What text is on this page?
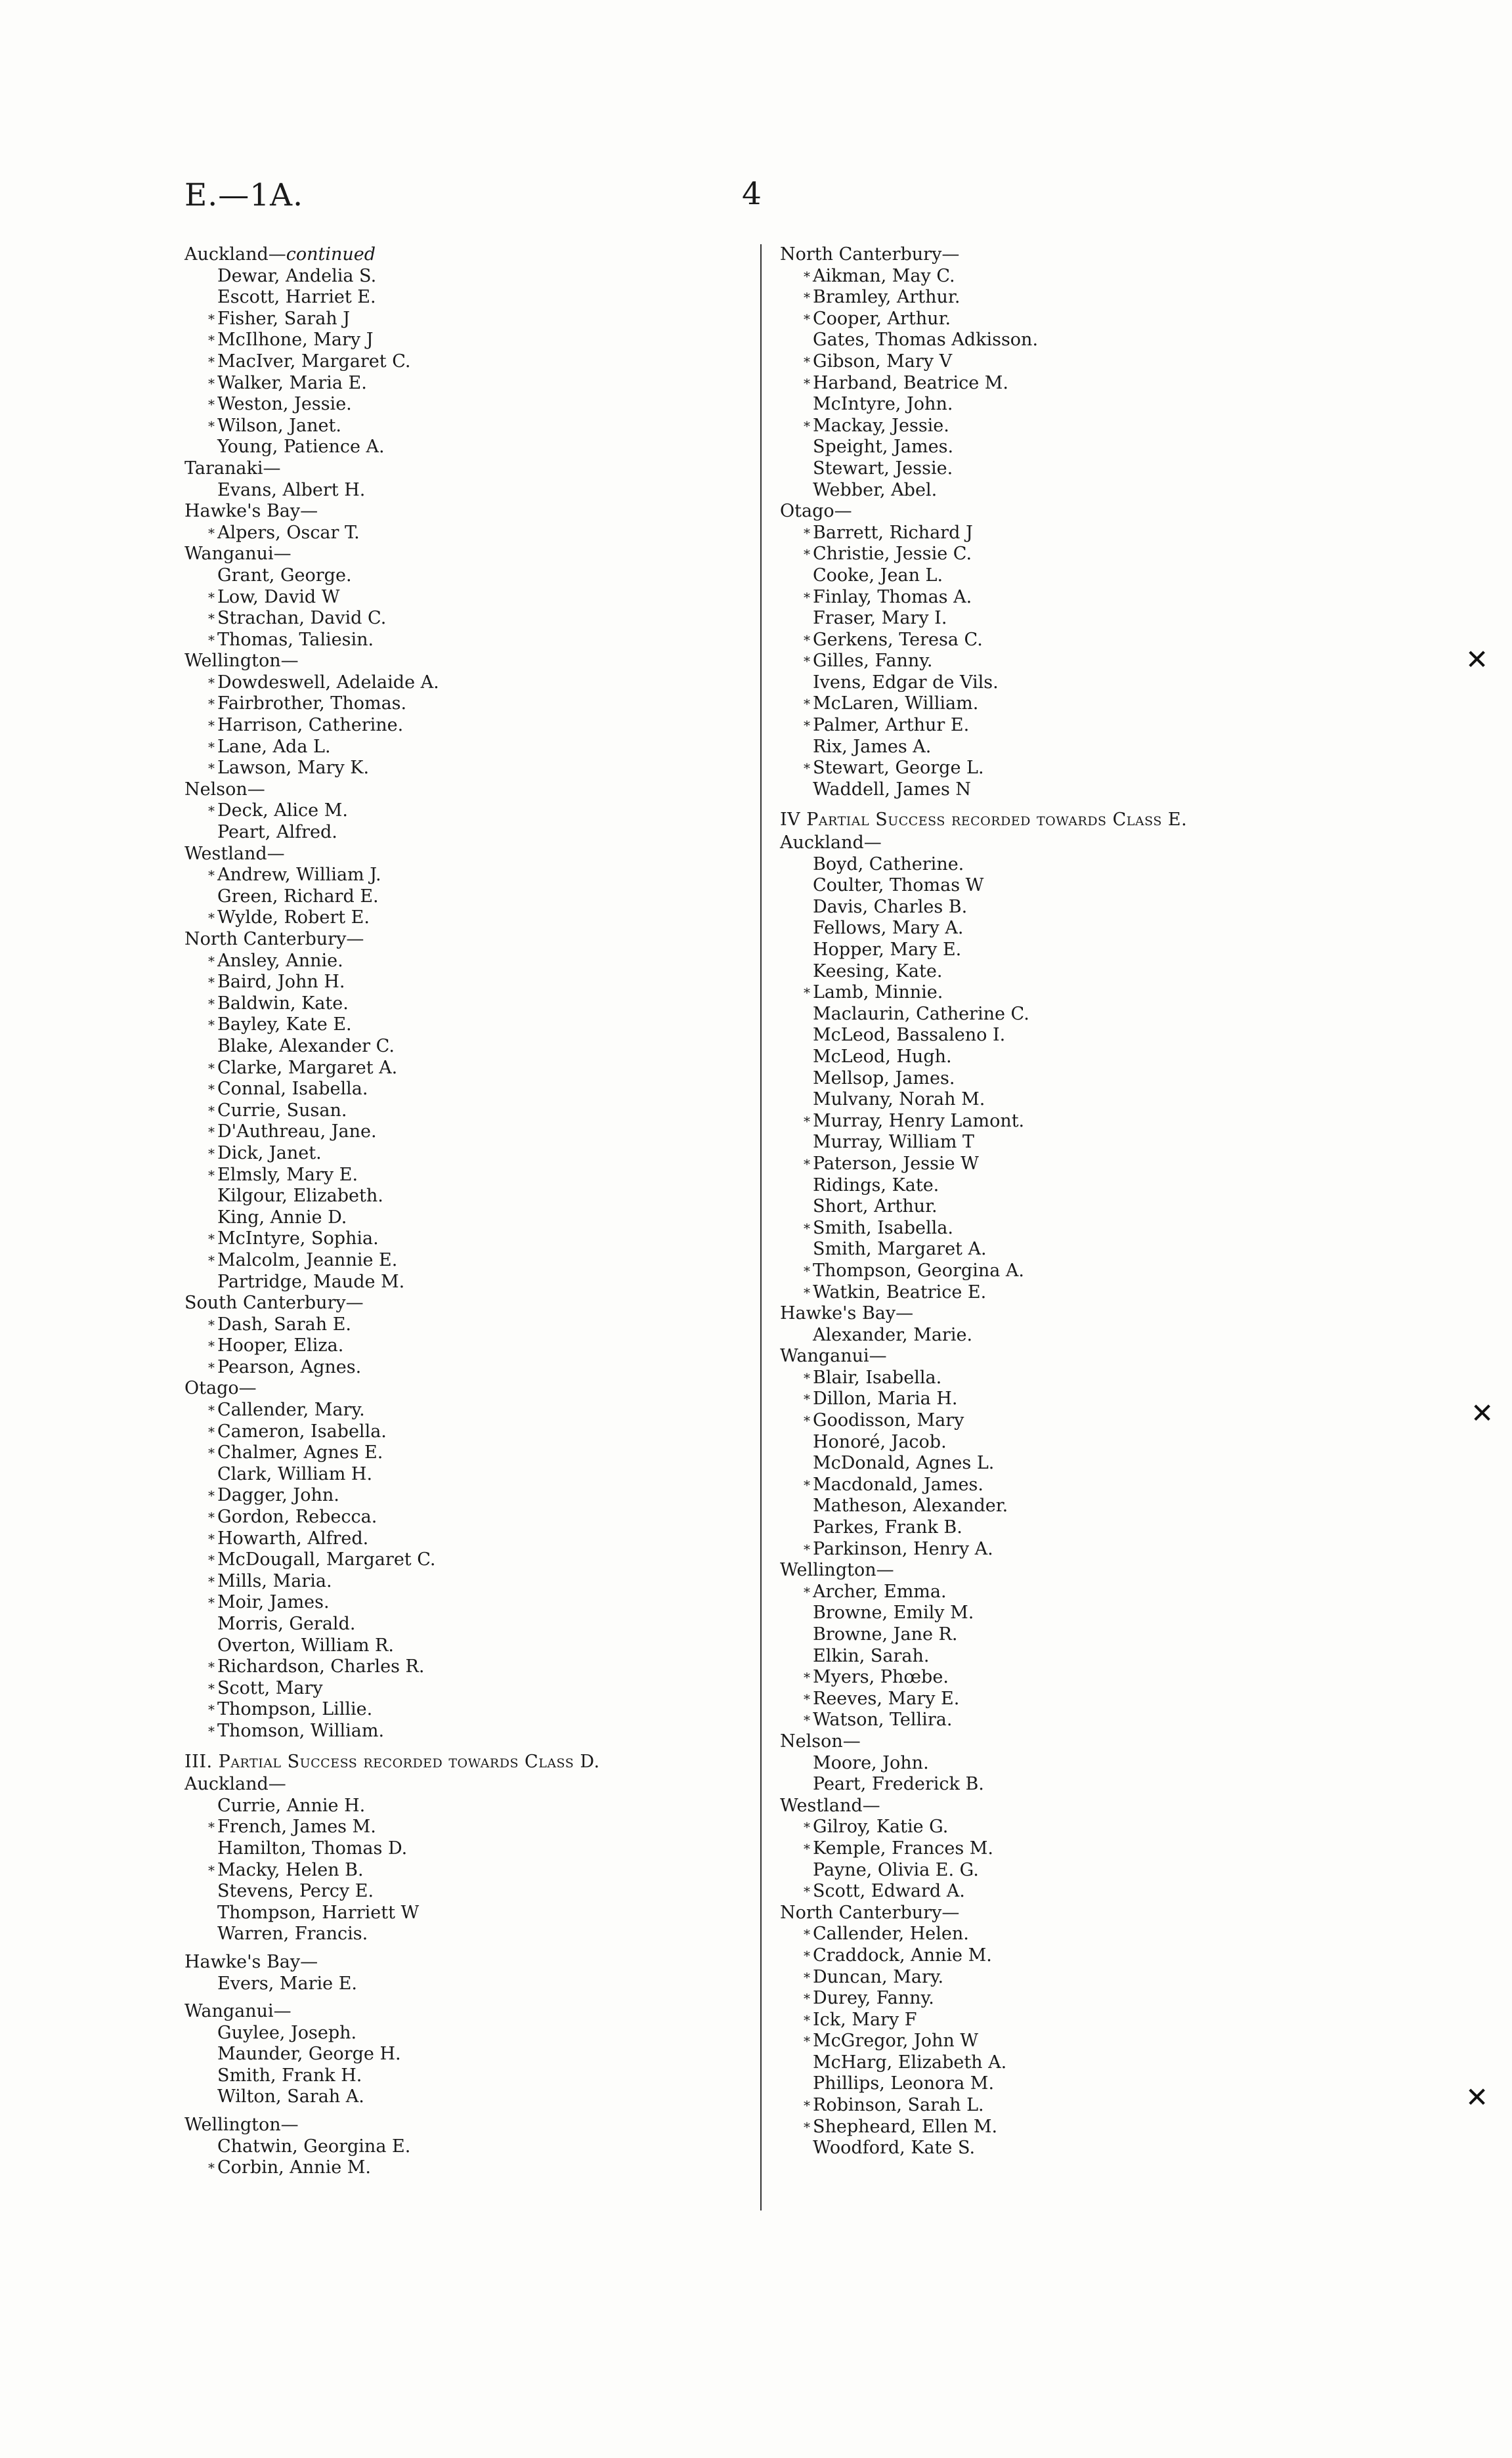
E.—1A.	4
Auckland—continued
Dewar, Andelia S.
Escott, Harriet E.
* Fisher, Sarah J
* McIlhone, Mary J
* MacIver, Margaret C.
* Walker, Maria E.
* Weston, Jessie.
* Wilson, Janet.
Young, Patience A.
Taranaki—
Evans, Albert H.
Hawke's Bay—
* Alpers, Oscar T.
Wanganui—
Grant, George.
* Low, David W
* Strachan, David C.
* Thomas, Taliesin.
Wellington—
* Dowdeswell, Adelaide A.
* Fairbrother, Thomas.
* Harrison, Catherine.
* Lane, Ada L.
* Lawson, Mary K.
Nelson—
* Deck, Alice M.
Peart, Alfred.
Westland—
* Andrew, William J.
Green, Richard E.
* Wylde, Robert E.
North Canterbury—
* Ansley, Annie.
* Baird, John H.
* Baldwin, Kate.
* Bayley, Kate E.
Blake, Alexander C.
* Clarke, Margaret A.
* Connal, Isabella.
* Currie, Susan.
* D'Authreau, Jane.
* Dick, Janet.
* Elmsly, Mary E.
Kilgour, Elizabeth.
King, Annie D.
* McIntyre, Sophia.
* Malcolm, Jeannie E.
Partridge, Maude M.
South Canterbury—
* Dash, Sarah E.
* Hooper, Eliza.
* Pearson, Agnes.
Otago—
* Callender, Mary.
* Cameron, Isabella.
* Chalmer, Agnes E.
Clark, William H.
* Dagger, John.
* Gordon, Rebecca.
* Howarth, Alfred.
* McDougall, Margaret C.
* Mills, Maria.
* Moir, James.
Morris, Gerald.
Overton, William R.
* Richardson, Charles R.
* Scott, Mary
* Thompson, Lillie.
* Thomson, William.
III. Partial Success recorded towards Class D.
Auckland—
Currie, Annie H.
* French, James M.
Hamilton, Thomas D.
* Macky, Helen B.
Stevens, Percy E.
Thompson, Harriett W
Warren, Francis.
Hawke's Bay—
Evers, Marie E.
Wanganui—
Guylee, Joseph.
Maunder, George H.
Smith, Frank H.
Wilton, Sarah A.
Wellington—
Chatwin, Georgina E.
* Corbin, Annie M.
North Canterbury—
* Aikman, May C.
* Bramley, Arthur.
* Cooper, Arthur.
Gates, Thomas Adkisson.
* Gibson, Mary V
* Harband, Beatrice M.
McIntyre, John.
* Mackay, Jessie.
Speight, James.
Stewart, Jessie.
Webber, Abel.
Otago—
* Barrett, Richard J
* Christie, Jessie C.
Cooke, Jean L.
* Finlay, Thomas A.
Fraser, Mary I.
* Gerkens, Teresa C.
* Gilles, Fanny.
Ivens, Edgar de Vils.
* McLaren, William.
* Palmer, Arthur E.
Rix, James A.
* Stewart, George L.
Waddell, James N
IV Partial Success recorded towards Class E.
Auckland—
Boyd, Catherine.
Coulter, Thomas W
Davis, Charles B.
Fellows, Mary A.
Hopper, Mary E.
Keesing, Kate.
* Lamb, Minnie.
Maclaurin, Catherine C.
McLeod, Bassaleno I.
McLeod, Hugh.
Mellsop, James.
Mulvany, Norah M.
* Murray, Henry Lamont.
Murray, William T
* Paterson, Jessie W
Ridings, Kate.
Short, Arthur.
* Smith, Isabella.
Smith, Margaret A.
* Thompson, Georgina A.
* Watkin, Beatrice E.
Hawke's Bay—
Alexander, Marie.
Wanganui—
* Blair, Isabella.
* Dillon, Maria H.
* Goodisson, Mary
Honoré, Jacob.
McDonald, Agnes L.
* Macdonald, James.
Matheson, Alexander.
Parkes, Frank B.
* Parkinson, Henry A.
Wellington—
* Archer, Emma.
Browne, Emily M.
Browne, Jane R.
Elkin, Sarah.
* Myers, Phœbe.
* Reeves, Mary E.
* Watson, Tellira.
Nelson—
Moore, John.
Peart, Frederick B.
Westland—
* Gilroy, Katie G.
* Kemple, Frances M.
Payne, Olivia E. G.
* Scott, Edward A.
North Canterbury—
* Callender, Helen.
* Craddock, Annie M.
* Duncan, Mary.
* Durey, Fanny.
* Ick, Mary F
* McGregor, John W
McHarg, Elizabeth A.
Phillips, Leonora M.
* Robinson, Sarah L.
* Shepheard, Ellen M.
Woodford, Kate S.
✕
✕
✕
